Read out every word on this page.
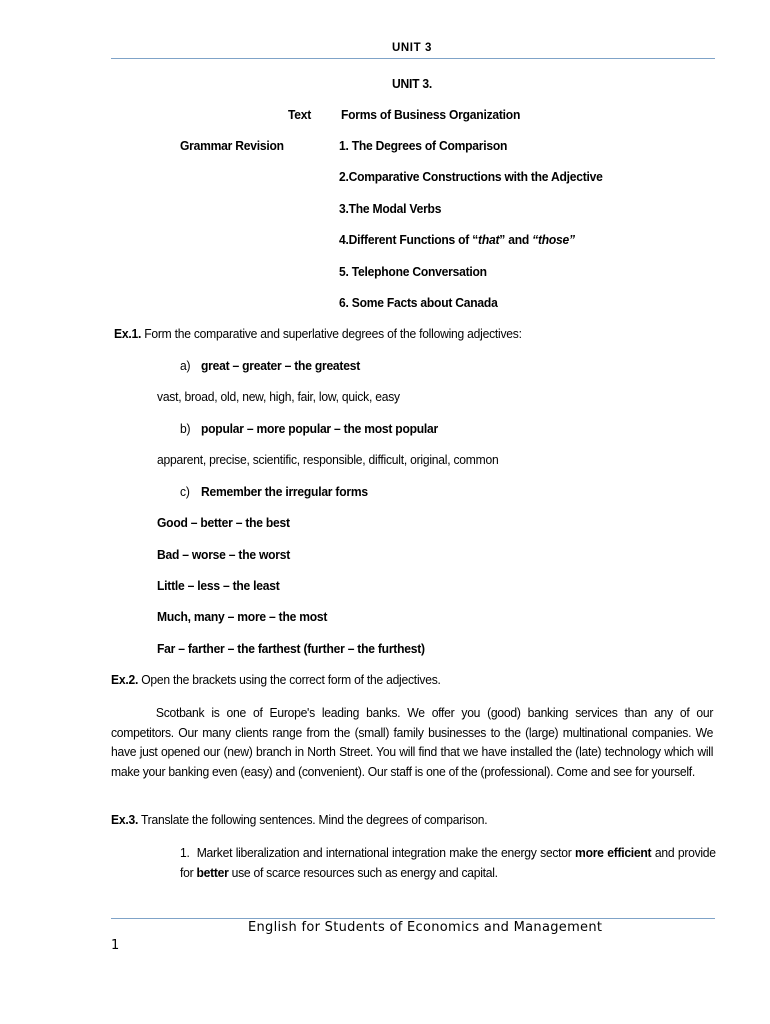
UNIT 3
UNIT 3.
Text Forms of Business Organization
Grammar Revision	1. The Degrees of Comparison
2.Comparative Constructions with the Adjective
3.The Modal Verbs
4.Different Functions of “that” and “those”
5. Telephone Conversation
6. Some Facts about Canada
Ex.1. Form the comparative and superlative degrees of the following adjectives:
a) great – greater – the greatest
vast, broad, old, new, high, fair, low, quick, easy
b) popular – more popular – the most popular
apparent, precise, scientific, responsible, difficult, original, common
c) Remember the irregular forms
Good – better – the best
Bad – worse – the worst
Little – less – the least
Much, many – more – the most
Far – farther – the farthest (further – the furthest)
Ex.2. Open the brackets using the correct form of the adjectives.
Scotbank is one of Europe's leading banks. We offer you (good) banking services than any of our competitors. Our many clients range from the (small) family businesses to the (large) multinational companies. We have just opened our (new) branch in North Street. You will find that we have installed the (late) technology which will make your banking even (easy) and (convenient). Our staff is one of the (professional). Come and see for yourself.
Ex.3. Translate the following sentences. Mind the degrees of comparison.
1. Market liberalization and international integration make the energy sector more efficient and provide for better use of scarce resources such as energy and capital.
English for Students of Economics and Management
1
